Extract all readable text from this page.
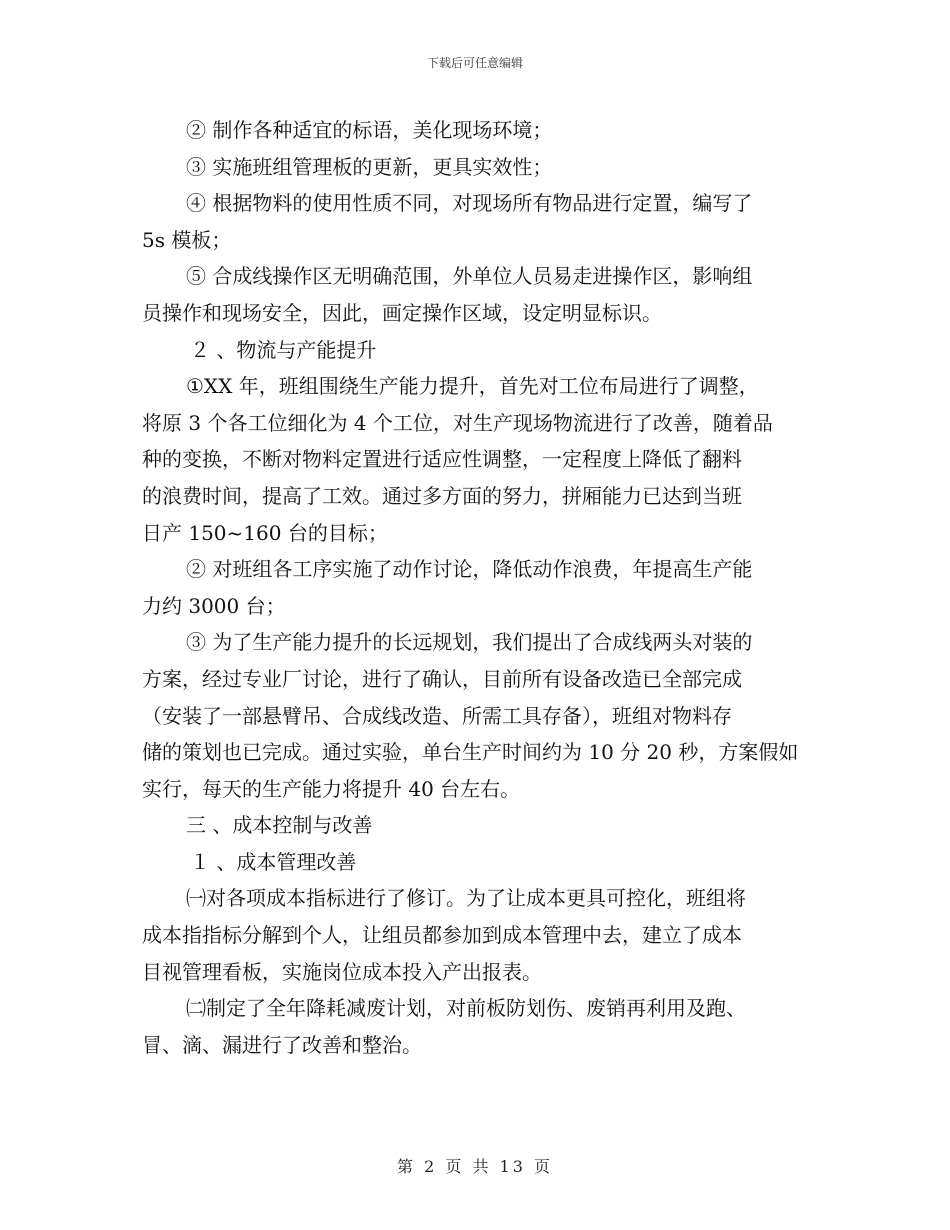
下载后可任意编辑
② 制作各种适宜的标语，美化现场环境；
③ 实施班组管理板的更新，更具实效性；
④ 根据物料的使用性质不同，对现场所有物品进行定置，编写了
5s 模板；
⑤ 合成线操作区无明确范围，外单位人员易走进操作区，影响组
员操作和现场安全，因此，画定操作区域，设定明显标识。
２ 、物流与产能提升
①XX 年，班组围绕生产能力提升，首先对工位布局进行了调整，
将原 3 个各工位细化为 4 个工位，对生产现场物流进行了改善，随着品
种的变换，不断对物料定置进行适应性调整，一定程度上降低了翻料
的浪费时间，提高了工效。通过多方面的努力，拼厢能力已达到当班
日产 150~160 台的目标；
② 对班组各工序实施了动作讨论，降低动作浪费，年提高生产能
力约 3000 台；
③ 为了生产能力提升的长远规划，我们提出了合成线两头对装的
方案，经过专业厂讨论，进行了确认，目前所有设备改造已全部完成
（安装了一部悬臂吊、合成线改造、所需工具存备），班组对物料存
储的策划也已完成。通过实验，单台生产时间约为 10 分 20 秒，方案假如
实行，每天的生产能力将提升 40 台左右。
三 、成本控制与改善
１ 、成本管理改善
㈠对各项成本指标进行了修订。为了让成本更具可控化，班组将
成本指指标分解到个人，让组员都参加到成本管理中去，建立了成本
目视管理看板，实施岗位成本投入产出报表。
㈡制定了全年降耗减废计划，对前板防划伤、废销再利用及跑、
冒、滴、漏进行了改善和整治。
第 2 页 共 13 页
